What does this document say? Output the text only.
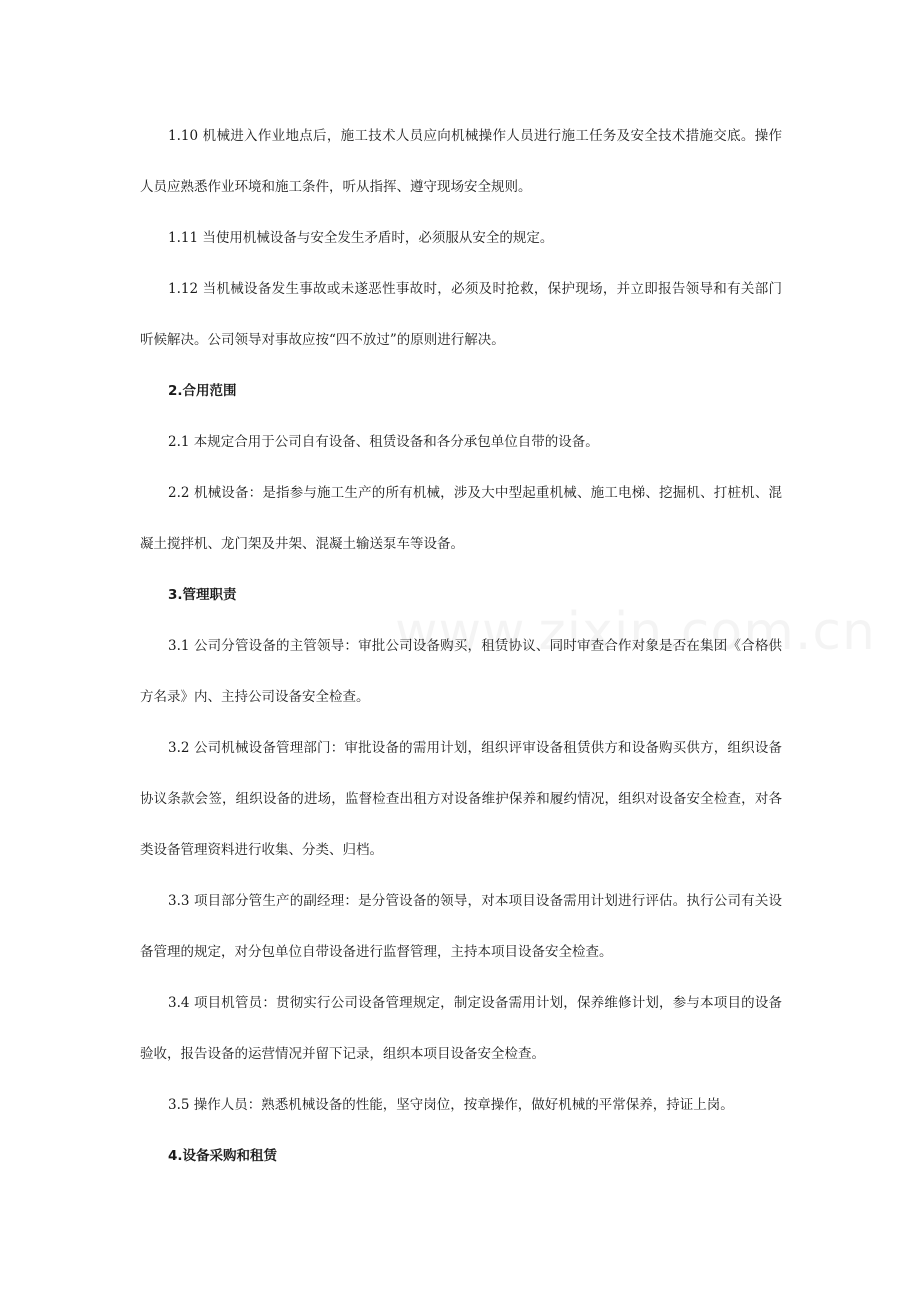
1.10 机械进入作业地点后，施工技术人员应向机械操作人员进行施工任务及安全技术措施交底。操作人员应熟悉作业环境和施工条件，听从指挥、遵守现场安全规则。

1.11 当使用机械设备与安全发生矛盾时，必须服从安全的规定。

1.12 当机械设备发生事故或未遂恶性事故时，必须及时抢救，保护现场，并立即报告领导和有关部门听候解决。公司领导对事故应按“四不放过”的原则进行解决。

2.合用范围

2.1 本规定合用于公司自有设备、租赁设备和各分承包单位自带的设备。

2.2 机械设备：是指参与施工生产的所有机械，涉及大中型起重机械、施工电梯、挖掘机、打桩机、混凝土搅拌机、龙门架及井架、混凝土输送泵车等设备。

3.管理职责

3.1 公司分管设备的主管领导：审批公司设备购买，租赁协议、同时审查合作对象是否在集团《合格供方名录》内、主持公司设备安全检查。

3.2 公司机械设备管理部门：审批设备的需用计划，组织评审设备租赁供方和设备购买供方，组织设备协议条款会签，组织设备的进场，监督检查出租方对设备维护保养和履约情况，组织对设备安全检查，对各类设备管理资料进行收集、分类、归档。

3.3 项目部分管生产的副经理：是分管设备的领导，对本项目设备需用计划进行评估。执行公司有关设备管理的规定，对分包单位自带设备进行监督管理，主持本项目设备安全检查。

3.4 项目机管员：贯彻实行公司设备管理规定，制定设备需用计划，保养维修计划，参与本项目的设备验收，报告设备的运营情况并留下记录，组织本项目设备安全检查。

3.5 操作人员：熟悉机械设备的性能，坚守岗位，按章操作，做好机械的平常保养，持证上岗。

4.设备采购和租赁
